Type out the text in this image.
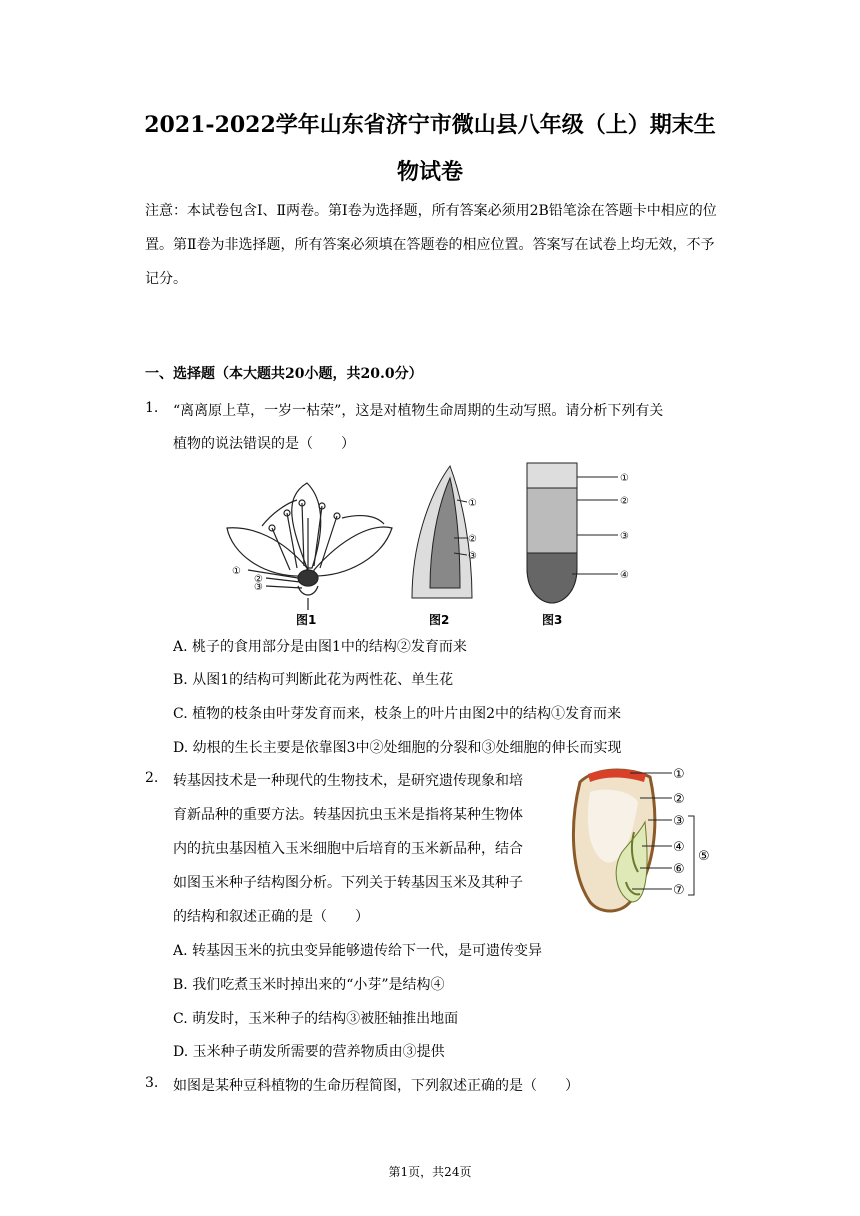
2021-2022学年山东省济宁市微山县八年级（上）期末生
物试卷
注意：本试卷包含Ⅰ、Ⅱ两卷。第Ⅰ卷为选择题，所有答案必须用2B铅笔涂在答题卡中相应的位置。第Ⅱ卷为非选择题，所有答案必须填在答题卷的相应位置。答案写在试卷上均无效，不予记分。
一、选择题（本大题共20小题，共20.0分）
1. “离离原上草，一岁一枯荣”，这是对植物生命周期的生动写照。请分析下列有关
植物的说法错误的是（　　）
①
②
③
图1
①
②
③
图2
①
②
③
④
图3
A. 桃子的食用部分是由图1中的结构②发育而来
B. 从图1的结构可判断此花为两性花、单生花
C. 植物的枝条由叶芽发育而来，枝条上的叶片由图2中的结构①发育而来
D. 幼根的生长主要是依靠图3中②处细胞的分裂和③处细胞的伸长而实现
2. 转基因技术是一种现代的生物技术，是研究遗传现象和培
育新品种的重要方法。转基因抗虫玉米是指将某种生物体
内的抗虫基因植入玉米细胞中后培育的玉米新品种，结合
如图玉米种子结构图分析。下列关于转基因玉米及其种子
的结构和叙述正确的是（　　）
①
②
③
④
⑤
⑥
⑦
A. 转基因玉米的抗虫变异能够遗传给下一代，是可遗传变异
B. 我们吃煮玉米时掉出来的“小芽”是结构④
C. 萌发时，玉米种子的结构③被胚轴推出地面
D. 玉米种子萌发所需要的营养物质由③提供
3. 如图是某种豆科植物的生命历程简图，下列叙述正确的是（　　）
第1页，共24页
